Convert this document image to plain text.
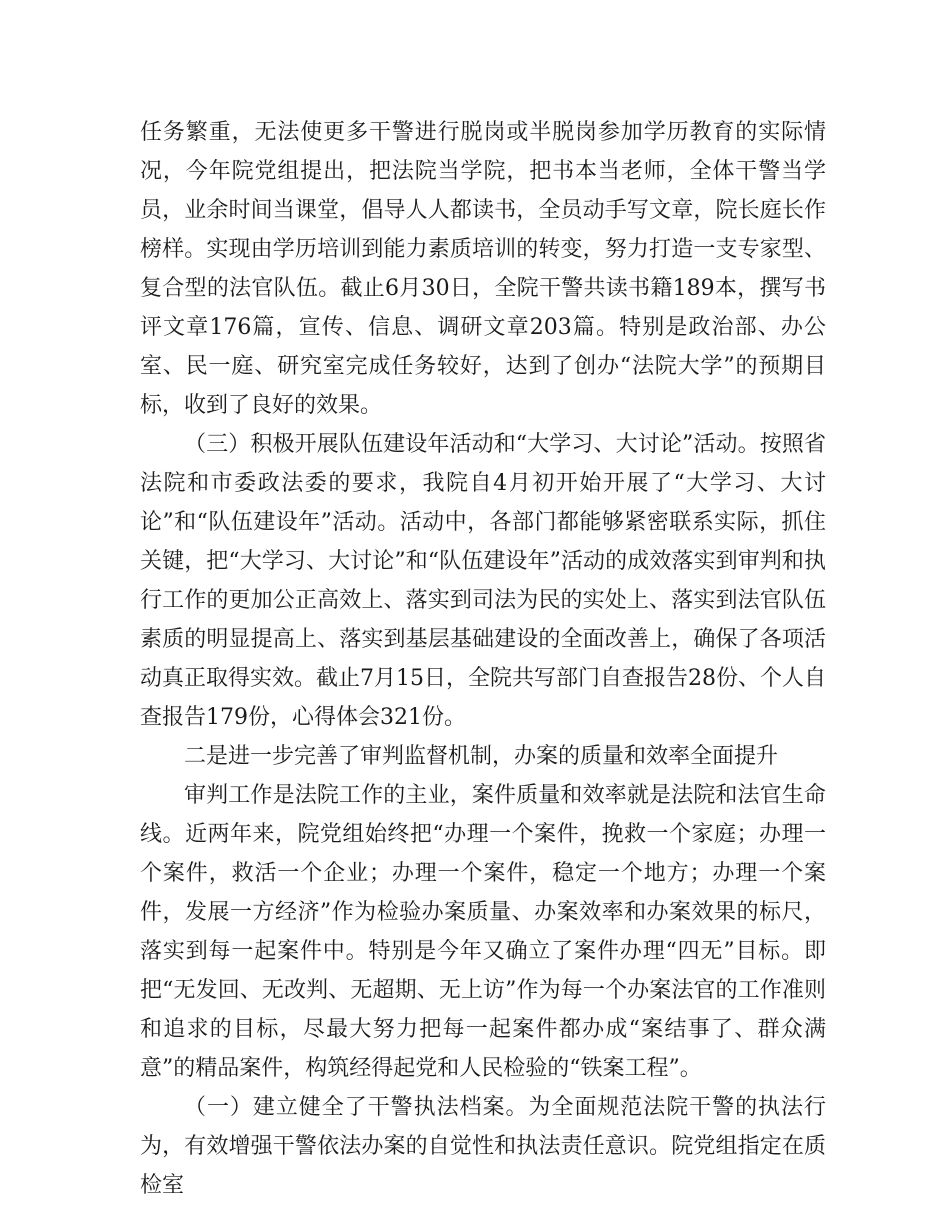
任务繁重，无法使更多干警进行脱岗或半脱岗参加学历教育的实际情况，今年院党组提出，把法院当学院，把书本当老师，全体干警当学员，业余时间当课堂，倡导人人都读书，全员动手写文章，院长庭长作榜样。实现由学历培训到能力素质培训的转变，努力打造一支专家型、复合型的法官队伍。截止6月30日，全院干警共读书籍189本，撰写书评文章176篇，宣传、信息、调研文章203篇。特别是政治部、办公室、民一庭、研究室完成任务较好，达到了创办“法院大学”的预期目标，收到了良好的效果。

（三）积极开展队伍建设年活动和“大学习、大讨论”活动。按照省法院和市委政法委的要求，我院自4月初开始开展了“大学习、大讨论”和“队伍建设年”活动。活动中，各部门都能够紧密联系实际，抓住关键，把“大学习、大讨论”和“队伍建设年”活动的成效落实到审判和执行工作的更加公正高效上、落实到司法为民的实处上、落实到法官队伍素质的明显提高上、落实到基层基础建设的全面改善上，确保了各项活动真正取得实效。截止7月15日，全院共写部门自查报告28份、个人自查报告179份，心得体会321份。

二是进一步完善了审判监督机制，办案的质量和效率全面提升

审判工作是法院工作的主业，案件质量和效率就是法院和法官生命线。近两年来，院党组始终把“办理一个案件，挽救一个家庭；办理一个案件，救活一个企业；办理一个案件，稳定一个地方；办理一个案件，发展一方经济”作为检验办案质量、办案效率和办案效果的标尺，落实到每一起案件中。特别是今年又确立了案件办理“四无”目标。即把“无发回、无改判、无超期、无上访”作为每一个办案法官的工作准则和追求的目标，尽最大努力把每一起案件都办成“案结事了、群众满意”的精品案件，构筑经得起党和人民检验的“铁案工程”。

（一）建立健全了干警执法档案。为全面规范法院干警的执法行为，有效增强干警依法办案的自觉性和执法责任意识。院党组指定在质检室
